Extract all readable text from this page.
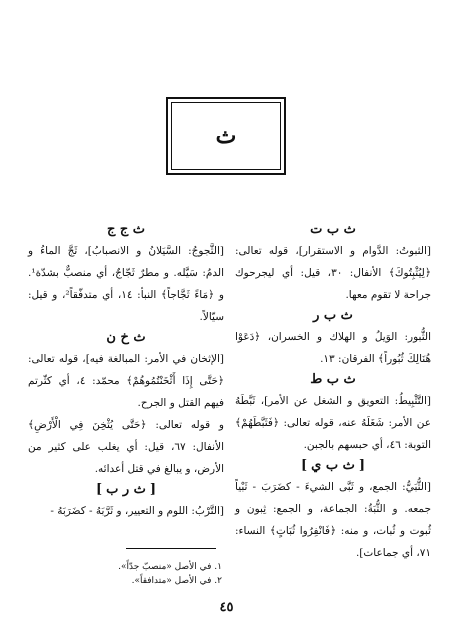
ث

ث ب ت

[الثبوتُ: الدَّوام و الاستقرار]، قوله تعالى: ﴿لِيُثْبِتُوكَ﴾ الأنفال: ٣٠، قيل: أي ليجرحوك جراحة لا تقوم معها.

ث ب ر

الثُّبور: الوَيلُ و الهلاك و الخسران، ﴿دَعَوْا هُنَالِكَ ثُبُوراً﴾ الفرقان: ١٣.

ث ب ط

[التَّثْبِيطُ: التعويق و الشغل عن الأمر]، ثَبَّطَهُ عن الأمر: شَغَلَهُ عنه، قوله تعالى: ﴿فَثَبَّطَهُمْ﴾ التوبة: ٤٦، أي حبسهم بالجبن.

[ث ب ي]

[الثُّبَيُّ: الجمع، و ثَبَّى الشيءَ - كضَرَبَ - ثَبْياً جمعه. و الثُّبَةُ: الجماعة، و الجمع: ثِبون و ثُبوت و ثُبات، و منه: ﴿فَانْفِرُوا ثُبَاتٍ﴾ النساء: ٧١، أي جماعات].

ث ج ج

[الثَّجوجُ: السَّيَلانُ و الانصبابُ]، ثَجَّ الماءُ و الدمُ: سَيَّله. و مطرٌ ثَجّاجٌ، أي منصبٌّ بشدّة¹. و ﴿مَاءً ثَجَّاجاً﴾ النبأ: ١٤، أي متدفّقاً²، و قيل: سيّالاً.

ث خ ن

[الإثخان في الأمر: المبالغة فيه]، قوله تعالى: ﴿حَتَّى إِذَا أَثْخَنْتُمُوهُمْ﴾ محمّد: ٤، أي كثّرتم فيهم القتل و الجرح.

و قوله تعالى: ﴿حَتَّى يُثْخِنَ فِي الْأَرْضِ﴾ الأنفال: ٦٧، قيل: أي يغلب على كثير من الأرض، و يبالغ في قتل أعدائه.

[ث ر ب]

[التَّرْبُ: اللوم و التعيير، و ثَرَّبَهُ - كضَرَبَهُ -

١. في الأصل «منصبّ جدّاً».
٢. في الأصل «متدافقاً».
٤٥
